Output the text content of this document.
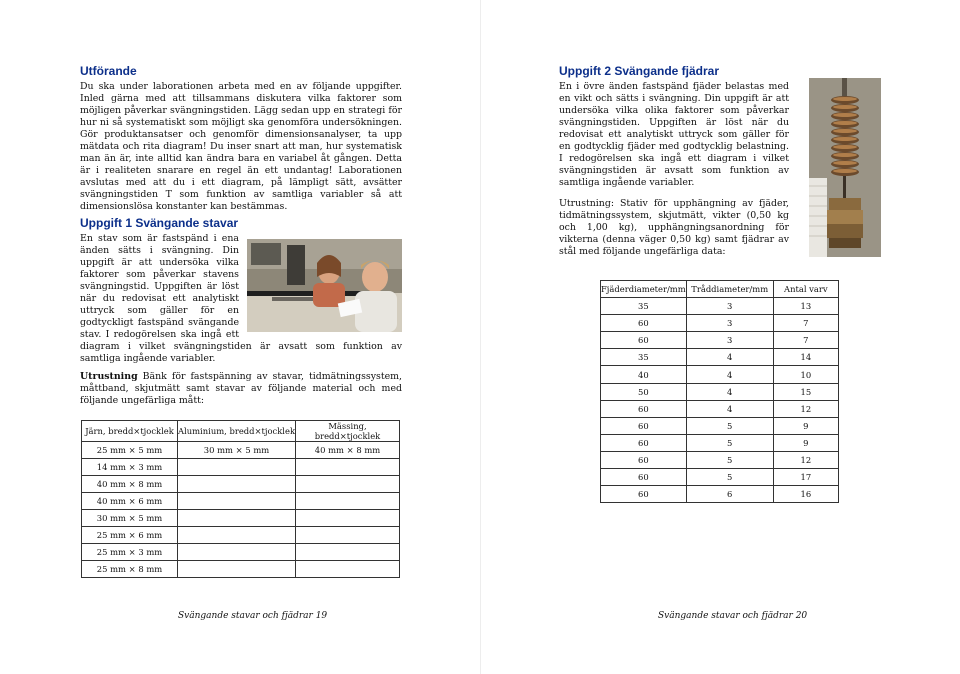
Utförande
Du ska under laborationen arbeta med en av följande uppgifter. Inled gärna med att tillsammans diskutera vilka faktorer som möjligen påverkar svängningstiden. Lägg sedan upp en strategi för hur ni så systematiskt som möjligt ska genomföra undersökningen. Gör produktansatser och genomför dimensionsanalyser, ta upp mätdata och rita diagram! Du inser snart att man, hur systematisk man än är, inte alltid kan ändra bara en variabel åt gången. Detta är i realiteten snarare en regel än ett undantag! Laborationen avslutas med att du i ett diagram, på lämpligt sätt, avsätter svängningstiden T som funktion av samtliga variabler så att dimensionslösa konstanter kan bestämmas.
Uppgift 1 Svängande stavar
En stav som är fastspänd i ena änden sätts i svängning. Din uppgift är att undersöka vilka faktorer som påverkar stavens svängningstid. Uppgiften är löst när du redovisat ett analytiskt uttryck som gäller för en godtyckligt fastspänd svängande stav. I redogörelsen ska ingå ett diagram i vilket svängningstiden är avsatt som funktion av samtliga ingående variabler.
Utrustning Bänk för fastspänning av stavar, tidmätningssystem, måttband, skjutmätt samt stavar av följande material och med följande ungefärliga mått:
Järn, bredd×tjocklek	Aluminium, bredd×tjocklek	Mässing, bredd×tjocklek
25 mm × 5 mm	30 mm × 5 mm	40 mm × 8 mm
14 mm × 3 mm		
40 mm × 8 mm		
40 mm × 6 mm		
30 mm × 5 mm		
25 mm × 6 mm		
25 mm × 3 mm		
25 mm × 8 mm		
Svängande stavar och fjädrar 19
Uppgift 2 Svängande fjädrar
En i övre änden fastspänd fjäder belastas med en vikt och sätts i svängning. Din uppgift är att undersöka vilka olika faktorer som påverkar svängningstiden. Uppgiften är löst när du redovisat ett analytiskt uttryck som gäller för en godtycklig fjäder med godtycklig belastning. I redogörelsen ska ingå ett diagram i vilket svängningstiden är avsatt som funktion av samtliga ingående variabler.
Utrustning: Stativ för upphängning av fjäder, tidmätningssystem, skjutmätt, vikter (0,50 kg och 1,00 kg), upphängningsanordning för vikterna (denna väger 0,50 kg) samt fjädrar av stål med följande ungefärliga data:
Fjäderdiameter/mm	Tråddiameter/mm	Antal varv
35	3	13
60	3	7
60	3	7
35	4	14
40	4	10
50	4	15
60	4	12
60	5	9
60	5	9
60	5	12
60	5	17
60	6	16
Svängande stavar och fjädrar 20
